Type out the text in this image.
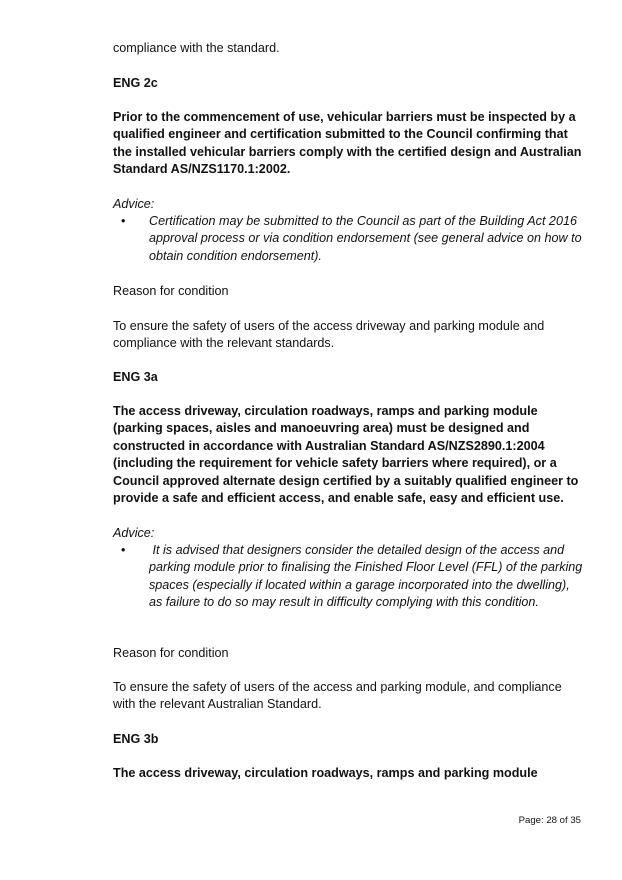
compliance with the standard.

ENG 2c

Prior to the commencement of use, vehicular barriers must be inspected by a qualified engineer and certification submitted to the Council confirming that the installed vehicular barriers comply with the certified design and Australian Standard AS/NZS1170.1:2002.

Advice:

• Certification may be submitted to the Council as part of the Building Act 2016 approval process or via condition endorsement (see general advice on how to obtain condition endorsement).

Reason for condition

To ensure the safety of users of the access driveway and parking module and compliance with the relevant standards.

ENG 3a

The access driveway, circulation roadways, ramps and parking module (parking spaces, aisles and manoeuvring area) must be designed and constructed in accordance with Australian Standard AS/NZS2890.1:2004 (including the requirement for vehicle safety barriers where required), or a Council approved alternate design certified by a suitably qualified engineer to provide a safe and efficient access, and enable safe, easy and efficient use.

Advice:

• It is advised that designers consider the detailed design of the access and parking module prior to finalising the Finished Floor Level (FFL) of the parking spaces (especially if located within a garage incorporated into the dwelling), as failure to do so may result in difficulty complying with this condition.

Reason for condition

To ensure the safety of users of the access and parking module, and compliance with the relevant Australian Standard.

ENG 3b

The access driveway, circulation roadways, ramps and parking module

Page: 28 of 35
